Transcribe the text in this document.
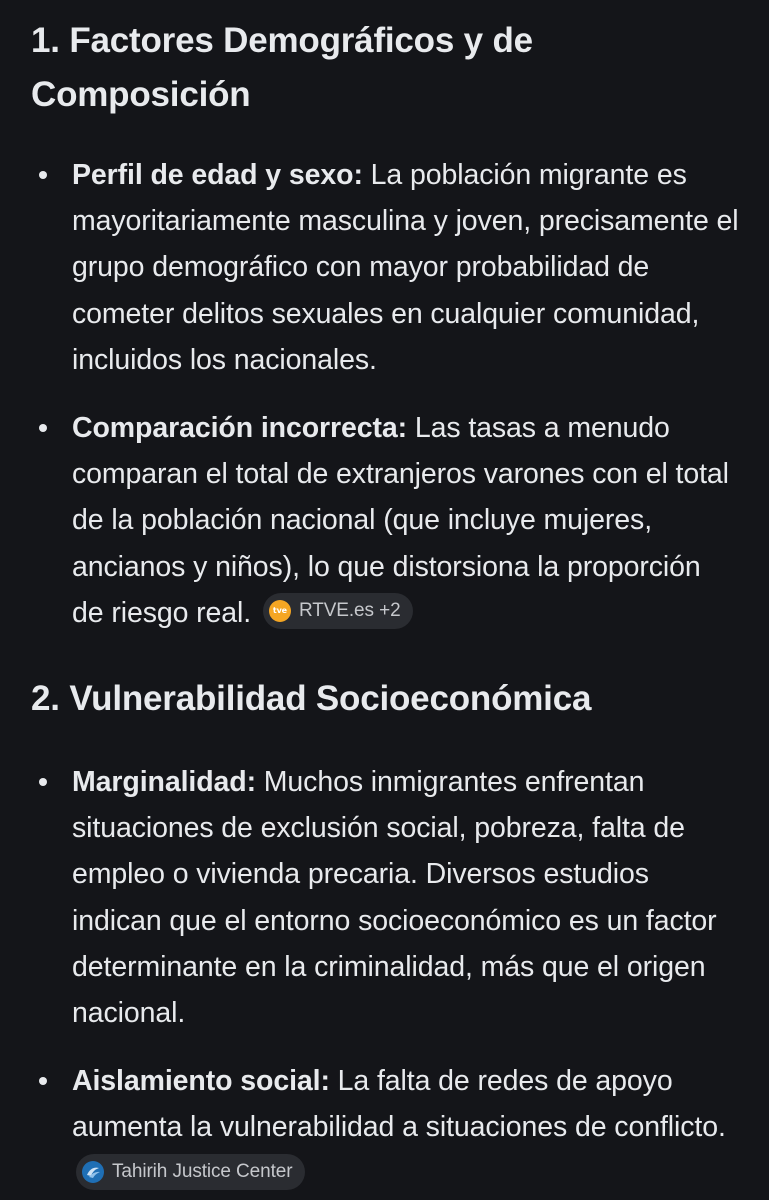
1. Factores Demográficos y de Composición
Perfil de edad y sexo: La población migrante es mayoritariamente masculina y joven, precisamente el grupo demográfico con mayor probabilidad de cometer delitos sexuales en cualquier comunidad, incluidos los nacionales.
Comparación incorrecta: Las tasas a menudo comparan el total de extranjeros varones con el total de la población nacional (que incluye mujeres, ancianos y niños), lo que distorsiona la proporción de riesgo real.	tve RTVE.es +2
2. Vulnerabilidad Socioeconómica
Marginalidad: Muchos inmigrantes enfrentan situaciones de exclusión social, pobreza, falta de empleo o vivienda precaria. Diversos estudios indican que el entorno socioeconómico es un factor determinante en la criminalidad, más que el origen nacional.
Aislamiento social: La falta de redes de apoyo aumenta la vulnerabilidad a situaciones de conflicto.
Tahirih Justice Center
